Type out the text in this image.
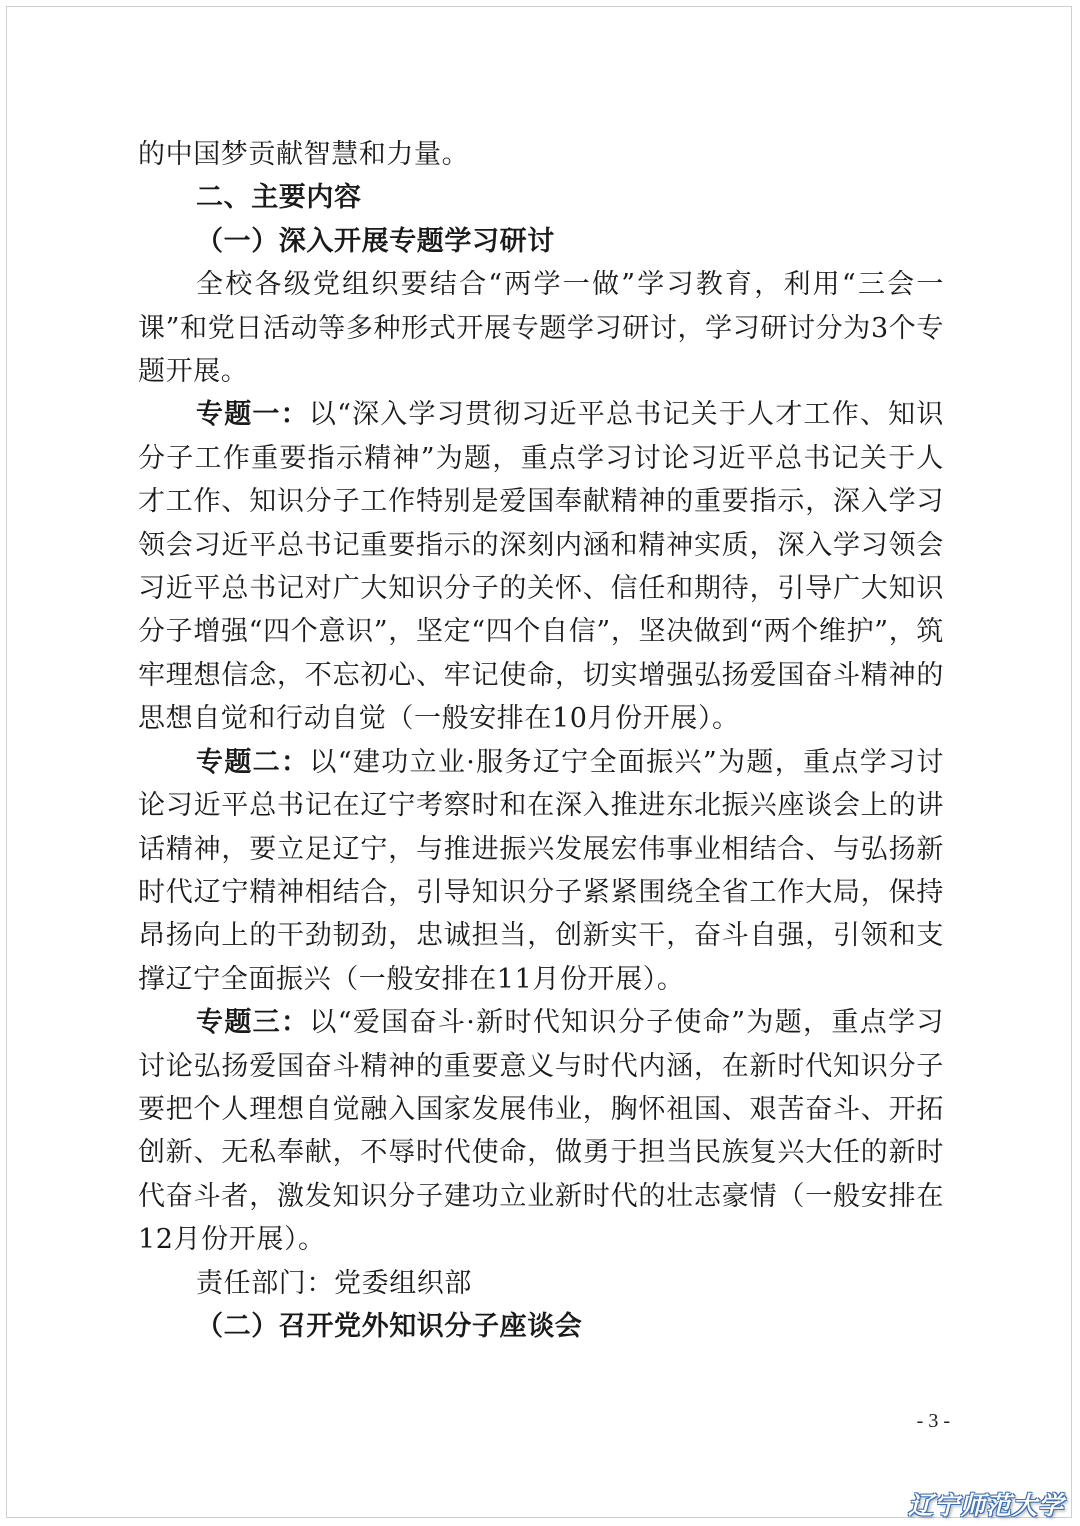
的中国梦贡献智慧和力量。

二、主要内容

（一）深入开展专题学习研讨

全校各级党组织要结合“两学一做”学习教育，利用“三会一课”和党日活动等多种形式开展专题学习研讨，学习研讨分为3个专题开展。

专题一：以“深入学习贯彻习近平总书记关于人才工作、知识分子工作重要指示精神”为题，重点学习讨论习近平总书记关于人才工作、知识分子工作特别是爱国奉献精神的重要指示，深入学习领会习近平总书记重要指示的深刻内涵和精神实质，深入学习领会习近平总书记对广大知识分子的关怀、信任和期待，引导广大知识分子增强“四个意识”，坚定“四个自信”，坚决做到“两个维护”，筑牢理想信念，不忘初心、牢记使命，切实增强弘扬爱国奋斗精神的思想自觉和行动自觉（一般安排在10月份开展）。

专题二：以“建功立业·服务辽宁全面振兴”为题，重点学习讨论习近平总书记在辽宁考察时和在深入推进东北振兴座谈会上的讲话精神，要立足辽宁，与推进振兴发展宏伟事业相结合、与弘扬新时代辽宁精神相结合，引导知识分子紧紧围绕全省工作大局，保持昂扬向上的干劲韧劲，忠诚担当，创新实干，奋斗自强，引领和支撑辽宁全面振兴（一般安排在11月份开展）。

专题三：以“爱国奋斗·新时代知识分子使命”为题，重点学习讨论弘扬爱国奋斗精神的重要意义与时代内涵，在新时代知识分子要把个人理想自觉融入国家发展伟业，胸怀祖国、艰苦奋斗、开拓创新、无私奉献，不辱时代使命，做勇于担当民族复兴大任的新时代奋斗者，激发知识分子建功立业新时代的壮志豪情（一般安排在12月份开展）。

责任部门：党委组织部

（二）召开党外知识分子座谈会

- 3 -
辽宁师范大学
